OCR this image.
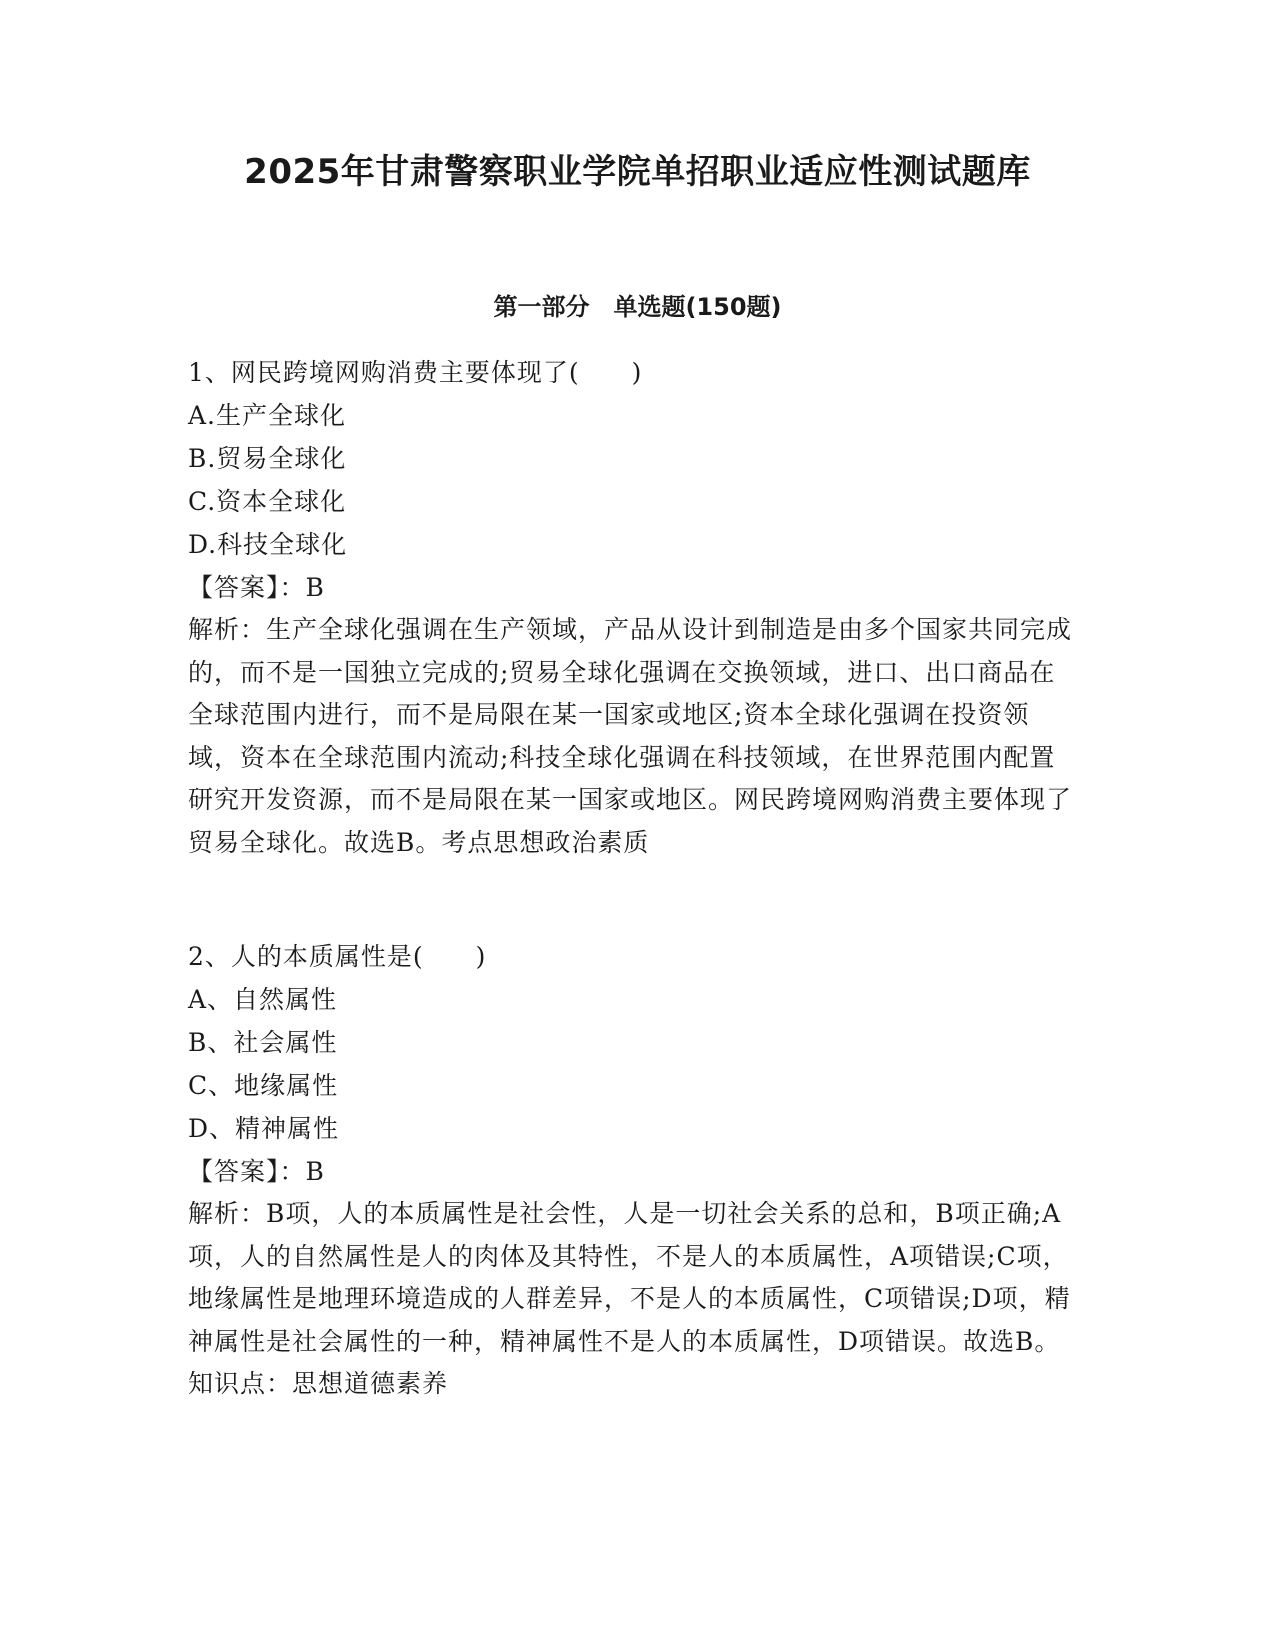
2025年甘肃警察职业学院单招职业适应性测试题库
第一部分　单选题(150题)
1、网民跨境网购消费主要体现了(　　)
A.生产全球化
B.贸易全球化
C.资本全球化
D.科技全球化
【答案】：B
解析：生产全球化强调在生产领域，产品从设计到制造是由多个国家共同完成的，而不是一国独立完成的;贸易全球化强调在交换领域，进口、出口商品在全球范围内进行，而不是局限在某一国家或地区;资本全球化强调在投资领域，资本在全球范围内流动;科技全球化强调在科技领域，在世界范围内配置研究开发资源，而不是局限在某一国家或地区。网民跨境网购消费主要体现了贸易全球化。故选B。考点思想政治素质
2、人的本质属性是(　　)
A、自然属性
B、社会属性
C、地缘属性
D、精神属性
【答案】：B
解析：B项，人的本质属性是社会性，人是一切社会关系的总和，B项正确;A项，人的自然属性是人的肉体及其特性，不是人的本质属性，A项错误;C项，地缘属性是地理环境造成的人群差异，不是人的本质属性，C项错误;D项，精神属性是社会属性的一种，精神属性不是人的本质属性，D项错误。故选B。知识点：思想道德素养
